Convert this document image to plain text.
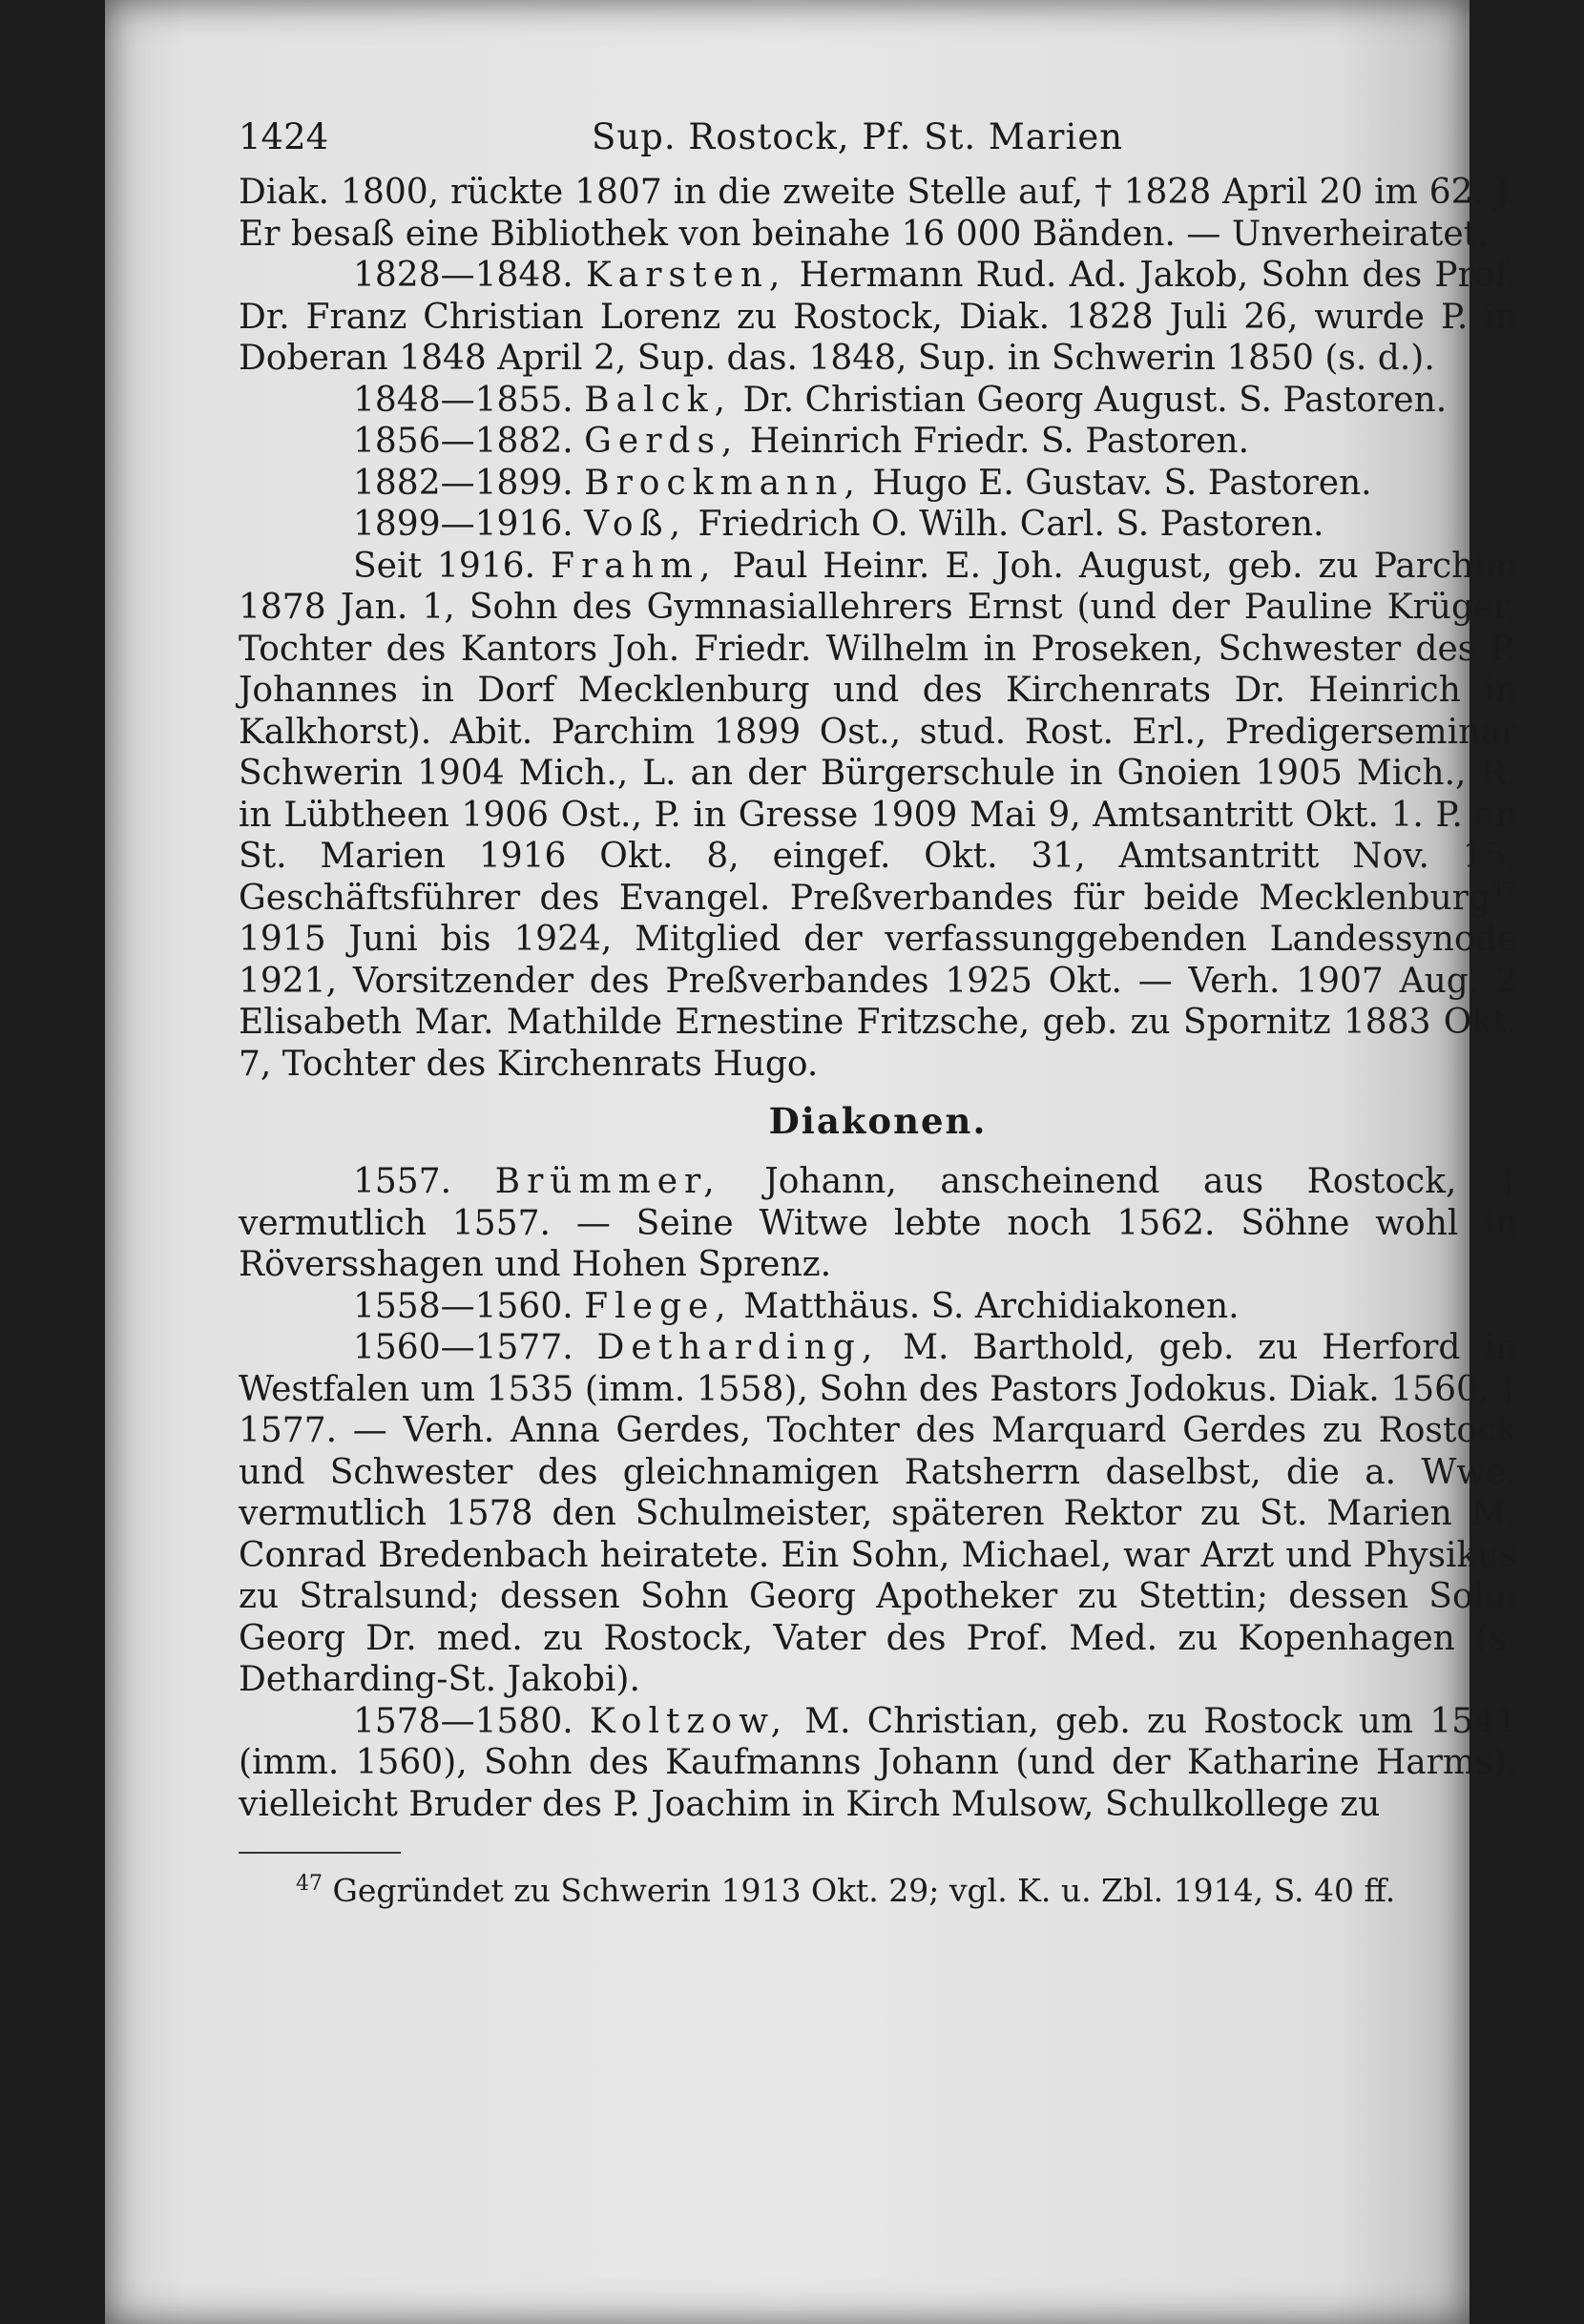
1424	Sup. Rostock, Pf. St. Marien

Diak. 1800, rückte 1807 in die zweite Stelle auf, † 1828 April 20 im 62. J. Er besaß eine Bibliothek von beinahe 16 000 Bänden. — Unverheiratet.

1828—1848. Karsten, Hermann Rud. Ad. Jakob, Sohn des Prof. Dr. Franz Christian Lorenz zu Rostock, Diak. 1828 Juli 26, wurde P. in Doberan 1848 April 2, Sup. das. 1848, Sup. in Schwerin 1850 (s. d.).

1848—1855. Balck, Dr. Christian Georg August. S. Pastoren.

1856—1882. Gerds, Heinrich Friedr. S. Pastoren.

1882—1899. Brockmann, Hugo E. Gustav. S. Pastoren.

1899—1916. Voß, Friedrich O. Wilh. Carl. S. Pastoren.

Seit 1916. Frahm, Paul Heinr. E. Joh. August, geb. zu Parchim 1878 Jan. 1, Sohn des Gymnasiallehrers Ernst (und der Pauline Krüger, Tochter des Kantors Joh. Friedr. Wilhelm in Proseken, Schwester des P. Johannes in Dorf Mecklenburg und des Kirchenrats Dr. Heinrich in Kalkhorst). Abit. Parchim 1899 Ost., stud. Rost. Erl., Predigerseminar Schwerin 1904 Mich., L. an der Bürgerschule in Gnoien 1905 Mich., R. in Lübtheen 1906 Ost., P. in Gresse 1909 Mai 9, Amtsantritt Okt. 1. P. an St. Marien 1916 Okt. 8, eingef. Okt. 31, Amtsantritt Nov. 15, Geschäftsführer des Evangel. Preßverbandes für beide Mecklenburg$^{47}$ 1915 Juni bis 1924, Mitglied der verfassunggebenden Landessynode 1921, Vorsitzender des Preßverbandes 1925 Okt. — Verh. 1907 Aug. 2 Elisabeth Mar. Mathilde Ernestine Fritzsche, geb. zu Spornitz 1883 Okt. 7, Tochter des Kirchenrats Hugo.

Diakonen.

1557. Brümmer, Johann, anscheinend aus Rostock, † vermutlich 1557. — Seine Witwe lebte noch 1562. Söhne wohl in Röversshagen und Hohen Sprenz.

1558—1560. Flege, Matthäus. S. Archidiakonen.

1560—1577. Detharding, M. Barthold, geb. zu Herford in Westfalen um 1535 (imm. 1558), Sohn des Pastors Jodokus. Diak. 1560, † 1577. — Verh. Anna Gerdes, Tochter des Marquard Gerdes zu Rostock und Schwester des gleichnamigen Ratsherrn daselbst, die a. Wwe. vermutlich 1578 den Schulmeister, späteren Rektor zu St. Marien M. Conrad Bredenbach heiratete. Ein Sohn, Michael, war Arzt und Physikus zu Stralsund; dessen Sohn Georg Apotheker zu Stettin; dessen Sohn Georg Dr. med. zu Rostock, Vater des Prof. Med. zu Kopenhagen (s. Detharding-St. Jakobi).

1578—1580. Koltzow, M. Christian, geb. zu Rostock um 1541 (imm. 1560), Sohn des Kaufmanns Johann (und der Katharine Harms), vielleicht Bruder des P. Joachim in Kirch Mulsow, Schulkollege zu

$^{47}$ Gegründet zu Schwerin 1913 Okt. 29; vgl. K. u. Zbl. 1914, S. 40 ff.
